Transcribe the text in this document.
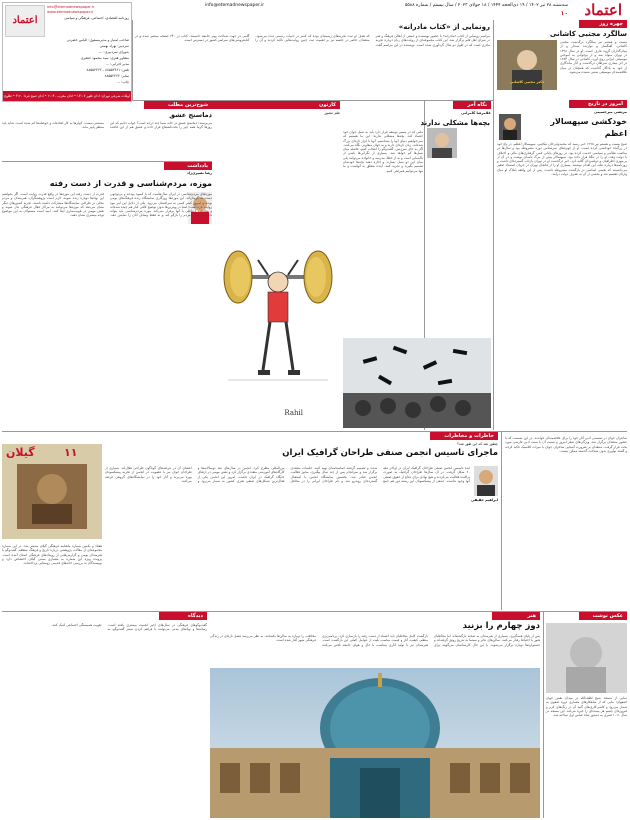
اعتماد
سه‌شنبه ۲۸ تیر ۱۴۰۲ / ۱۹ ذی‌الحجه ۱۴۴۴ / ۱۸ جولای ۲۰۲۳ / سال بیستم / شماره ۵۵۸۸
۱۰
info@etemadnewspaper.ir
اعتماد
info@etemadnewspaper.ir
www.etemadnewspaper.ir
روزنامه اقتصادی، اجتماعی، فرهنگی و سیاسی
صاحب امتیاز و مدیرمسئول: الیاس حضرتی
سردبیر: بهزاد بهمنی
شورای سردبیری: ...
مشاور هنری: سید محمود جعفری
مدیر اجرایی: ...
تلفن: ۸۸۵۵۲۴۶۱ - ۸۸۵۵۲۴۶۲
نمابر: ۸۸۵۵۲۴۶۴
چاپ: ...
اوقات شرعی تهران: اذان ظهر ۱۳:۰۷ • اذان مغرب ۲۰:۴۰ • اذان صبح فردا ۴:۲۰ • طلوع آفتاب فردا ۶:۰۵
چهره روز
سالگرد مجتبی کاشانی
دکتر مجتبی کاشانی
بیست و هشتم تیر سالگرد درگذشت مجتبی کاشانی، آهنگساز و نوازنده سه‌تار و از بنیان‌گذاران گروه عارف است. او در سال ۱۳۲۸ در تهران متولد شد و از نوجوانی به آموختن موسیقی ایرانی روی آورد. کاشانی در سال ۱۳۸۴ در اثر بیماری سرطان درگذشت و آثار ماندگاری از خود به یادگار گذاشت که همچنان در میان علاقه‌مندان موسیقی سنتی شنیده می‌شود.
امروز در تاریخ
مرتضی میرحسینی
خودکشی سپهسالار اعظم
صبح بیست و هشتم تیر ۱۲۹۸ خبر رسید که محمدولی‌خان تنکابنی، سپهسالار اعظم، در باغ خود در زرگنده خودکشی کرده است. او از چهره‌های سرشناس دوره مشروطه بود و سال‌ها در مناصب نظامی و سیاسی خدمت کرده بود. در روزهای پایانی عمر، گرفتاری‌های مالی و اختلاف با دولت وقت او را در تنگنا قرار داده بود. سپهسالار پیش از مرگ نامه‌ای نوشت و در آن از بی‌مهری اطرافیان و دولتمردان گلایه کرد. خبر درگذشت او در تهران بازتاب گسترده‌ای داشت و روزنامه‌ها درباره علت این اقدام نوشتند. بسیاری او را از فاتحان تهران در جریان استبداد صغیر می‌دانستند که نقشی اساسی در بازگشت مشروطه داشت. پس از این واقعه املاک او میان وارثان تقسیم شد و بخشی از آن به تصرف دولت درآمد.
رونمایی از «کتاب مادرانه»
مراسم رونمایی از کتاب «مادرانه» با حضور نویسنده و جمعی از اهالی فرهنگ و هنر در سرای اهل قلم برگزار شد. این کتاب مجموعه‌ای از روایت‌های زنان درباره تجربه مادری است که در طول دو سال گردآوری شده است. نویسنده در این مراسم گفت که هدف او ثبت تجربه‌های زیسته‌ای بوده که کمتر در ادبیات رسمی دیده می‌شود. منتقدان حاضر در جلسه نیز بر اهمیت ثبت چنین روایت‌هایی تاکید کردند و آن را گامی در جهت شناخت بهتر جامعه دانستند. کتاب در ۲۴۰ صفحه منتشر شده و در کتابفروشی‌های سراسر کشور در دسترس است.
نگاه آخر
غلامرضا کامرانی
بچه‌ها مشکلی ندارند
ملتی که در مسیر توسعه قرار دارد باید به نسل جوان خود اعتماد کند. بچه‌ها مشکلی ندارند؛ این ما هستیم که نمی‌خواهیم دنیای آنها را بشناسیم. آنها با ابزار تازه‌ای بزرگ شده‌اند، زبان تازه‌ای دارند و به جهان متفاوتی نگاه می‌کنند. اگر به جای سرزنش، گفت‌وگو را انتخاب کنیم، فاصله میان نسل‌ها کم خواهد شد. بسیاری از نگرانی‌ها ناشی از ناآشنایی است و نه از خطا. مدرسه و خانواده می‌توانند پلی میان این دو نسل بسازند و اجازه دهند بچه‌ها خودشان تصمیم بگیرند و تجربه کنند. آینده متعلق به آنهاست و ما تنها می‌توانیم همراهی کنیم.
کارتون
طنز مصور
Rahil
شوخ‌ترین مطلب
دماسنج عشق
می‌پرسند: دماسنج عشق در خانه شما چند درجه است؟ جواب دادیم که این روزها گرما همه چیز را تحت‌الشعاع قرار داده و عشق هم از این قاعده مستثنی نیست. کولرها به کار افتاده‌اند و حوصله‌ها کم شده است. شاید باید منتظر پاییز ماند.
یادداشت
رضا نصیری‌زاد
موزه، مردم‌شناسی و قدرت از دست رفته
موزه‌های مردم‌شناسی در ایران سال‌هاست که با کمبود بودجه و بی‌توجهی دست به گریبان‌اند. این موزه‌ها روزگاری نمایشگاه زنده فرهنگ‌های بومی بودند و امروز کمتر کسی به سراغشان می‌رود. یکی از دلایل این امر نبود روایت تازه است؛ اشیا در ویترین‌ها بدون توضیح کافی کنار هم چیده شده‌اند و مخاطب ارتباطی با آنها برقرار نمی‌کند. موزه مردم‌شناسی باید بتواند داستان زندگی مردم را بازگو کند و نه فقط وسایل آنان را نمایش دهد. قدرت از دست رفته این موزه‌ها در واقع قدرت روایت است. اگر بخواهیم این نهادها دوباره زنده شوند، لازم است پژوهشگران، هنرمندان و مردم محلی در طراحی نمایشگاه‌ها مشارکت داشته باشند. تجربه کشورهای دیگر نشان می‌دهد که موزه‌ها می‌توانند به مراکز فعال فرهنگی بدل شوند و نقش مهمی در هویت‌سازی ایفا کنند. امید است مسئولان به این موضوع توجه بیشتری نشان دهند.
خاطرات و مخاطرات
چطور شد که این طور شد؟
ماجرای تاسیس انجمن صنفی طراحان گرافیک ایران
ابراهیم حقیقی
ایده تاسیس انجمن صنفی طراحان گرافیک ایران در اواخر دهه ۶۰ شکل گرفت. در آن سال‌ها طراحان گرافیک به صورت پراکنده فعالیت می‌کردند و هیچ نهادی برای دفاع از حقوق صنفی آنها وجود نداشت. جمعی از پیشکسوتان این رشته دور هم جمع شدند و تصمیم گرفتند اساسنامه‌ای تهیه کنند. جلسات متعددی برگزار شد و سرانجام پس از چند سال پیگیری، مجوز فعالیت انجمن صادر شد. نخستین نمایشگاه انجمن با استقبال گسترده‌ای روبه‌رو شد و نام طراحان ایرانی را در محافل بین‌المللی مطرح کرد. انجمن در سال‌های بعد دوسالانه‌ها و کارگاه‌های آموزشی متعددی برگزار کرد و نقش مهمی در ارتقای جایگاه گرافیک در ایران داشت. امروز این انجمن یکی از فعال‌ترین تشکل‌های صنفی هنری کشور به شمار می‌رود و اعضای آن در عرصه‌های گوناگون طراحی فعال‌اند. بسیاری از طراحان جوان نیز با عضویت در انجمن از تجربه پیشکسوتان بهره می‌برند و آثار خود را در نمایشگاه‌های گروهی عرضه می‌کنند.
گیلان	۱۱
هفتاد و یکمین شماره ماهنامه فرهنگی گیلان منتشر شد. در این شماره مجموعه‌ای از مقالات پژوهشی درباره تاریخ و فرهنگ منطقه، گفت‌وگو با هنرمندان بومی و گزارش‌هایی از رویدادهای فرهنگی استان آمده است. پرونده ویژه این شماره به معماری سنتی گیلان اختصاص دارد و نویسندگان به بررسی خانه‌های قدیمی روستایی پرداخته‌اند.
شاعران جوان در نشستی ادبی آثار خود را برای علاقه‌مندان خواندند. در این نشست که با حضور منتقدان برگزار شد، ویژگی‌های شعر امروز و نسبت آن با سنت ادبی فارسی مورد بحث قرار گرفت. منتقدان بر ضرورت آشنایی شاعران جوان با میراث کلاسیک تاکید کردند و گفتند نوآوری بدون شناخت گذشته ممکن نیست.
دیدگاه
گفت‌وگوهای فرهنگی در سال‌های اخیر اهمیت بیشتری یافته است. رسانه‌ها و نهادهای مدنی می‌توانند با فراهم کردن بستر گفت‌وگو، به تقویت همبستگی اجتماعی کمک کنند.
هنر
دوز چهارم را بزنید
پس از پایان همه‌گیری، بسیاری از هنرمندان به صحنه بازگشته‌اند اما مخاطبان هنوز با احتیاط رفتار می‌کنند. سالن‌های تئاتر و سینما به تدریج رونق گرفته‌اند و جشنواره‌ها دوباره برگزار می‌شوند. با این حال کارشناسان می‌گویند برای بازگشت کامل مخاطبان باید اعتماد از دست رفته را بازسازی کرد. برنامه‌ریزی منظم، کیفیت آثار و قیمت مناسب بلیت از عوامل اصلی این بازگشت است. هنرمندان نیز با تولید آثاری متناسب با حال و هوای جامعه تلاش می‌کنند مخاطب را دوباره به سالن‌ها بکشانند. به نظر می‌رسد فصل تازه‌ای در زندگی فرهنگی شهر آغاز شده است.
عکس نوشت
نمایی از مسجد شیخ لطف‌الله در میدان نقش جهان اصفهان؛ بنایی که از شاهکارهای معماری دوره صفوی به شمار می‌رود و کاشی‌کاری‌های گنبد آن در رنگ‌های کرم و فیروزه‌ای چشم هر بیننده‌ای را خیره می‌کند. این مسجد در سال ۱۰۱۱ قمری به دستور شاه عباس اول ساخته شد.
